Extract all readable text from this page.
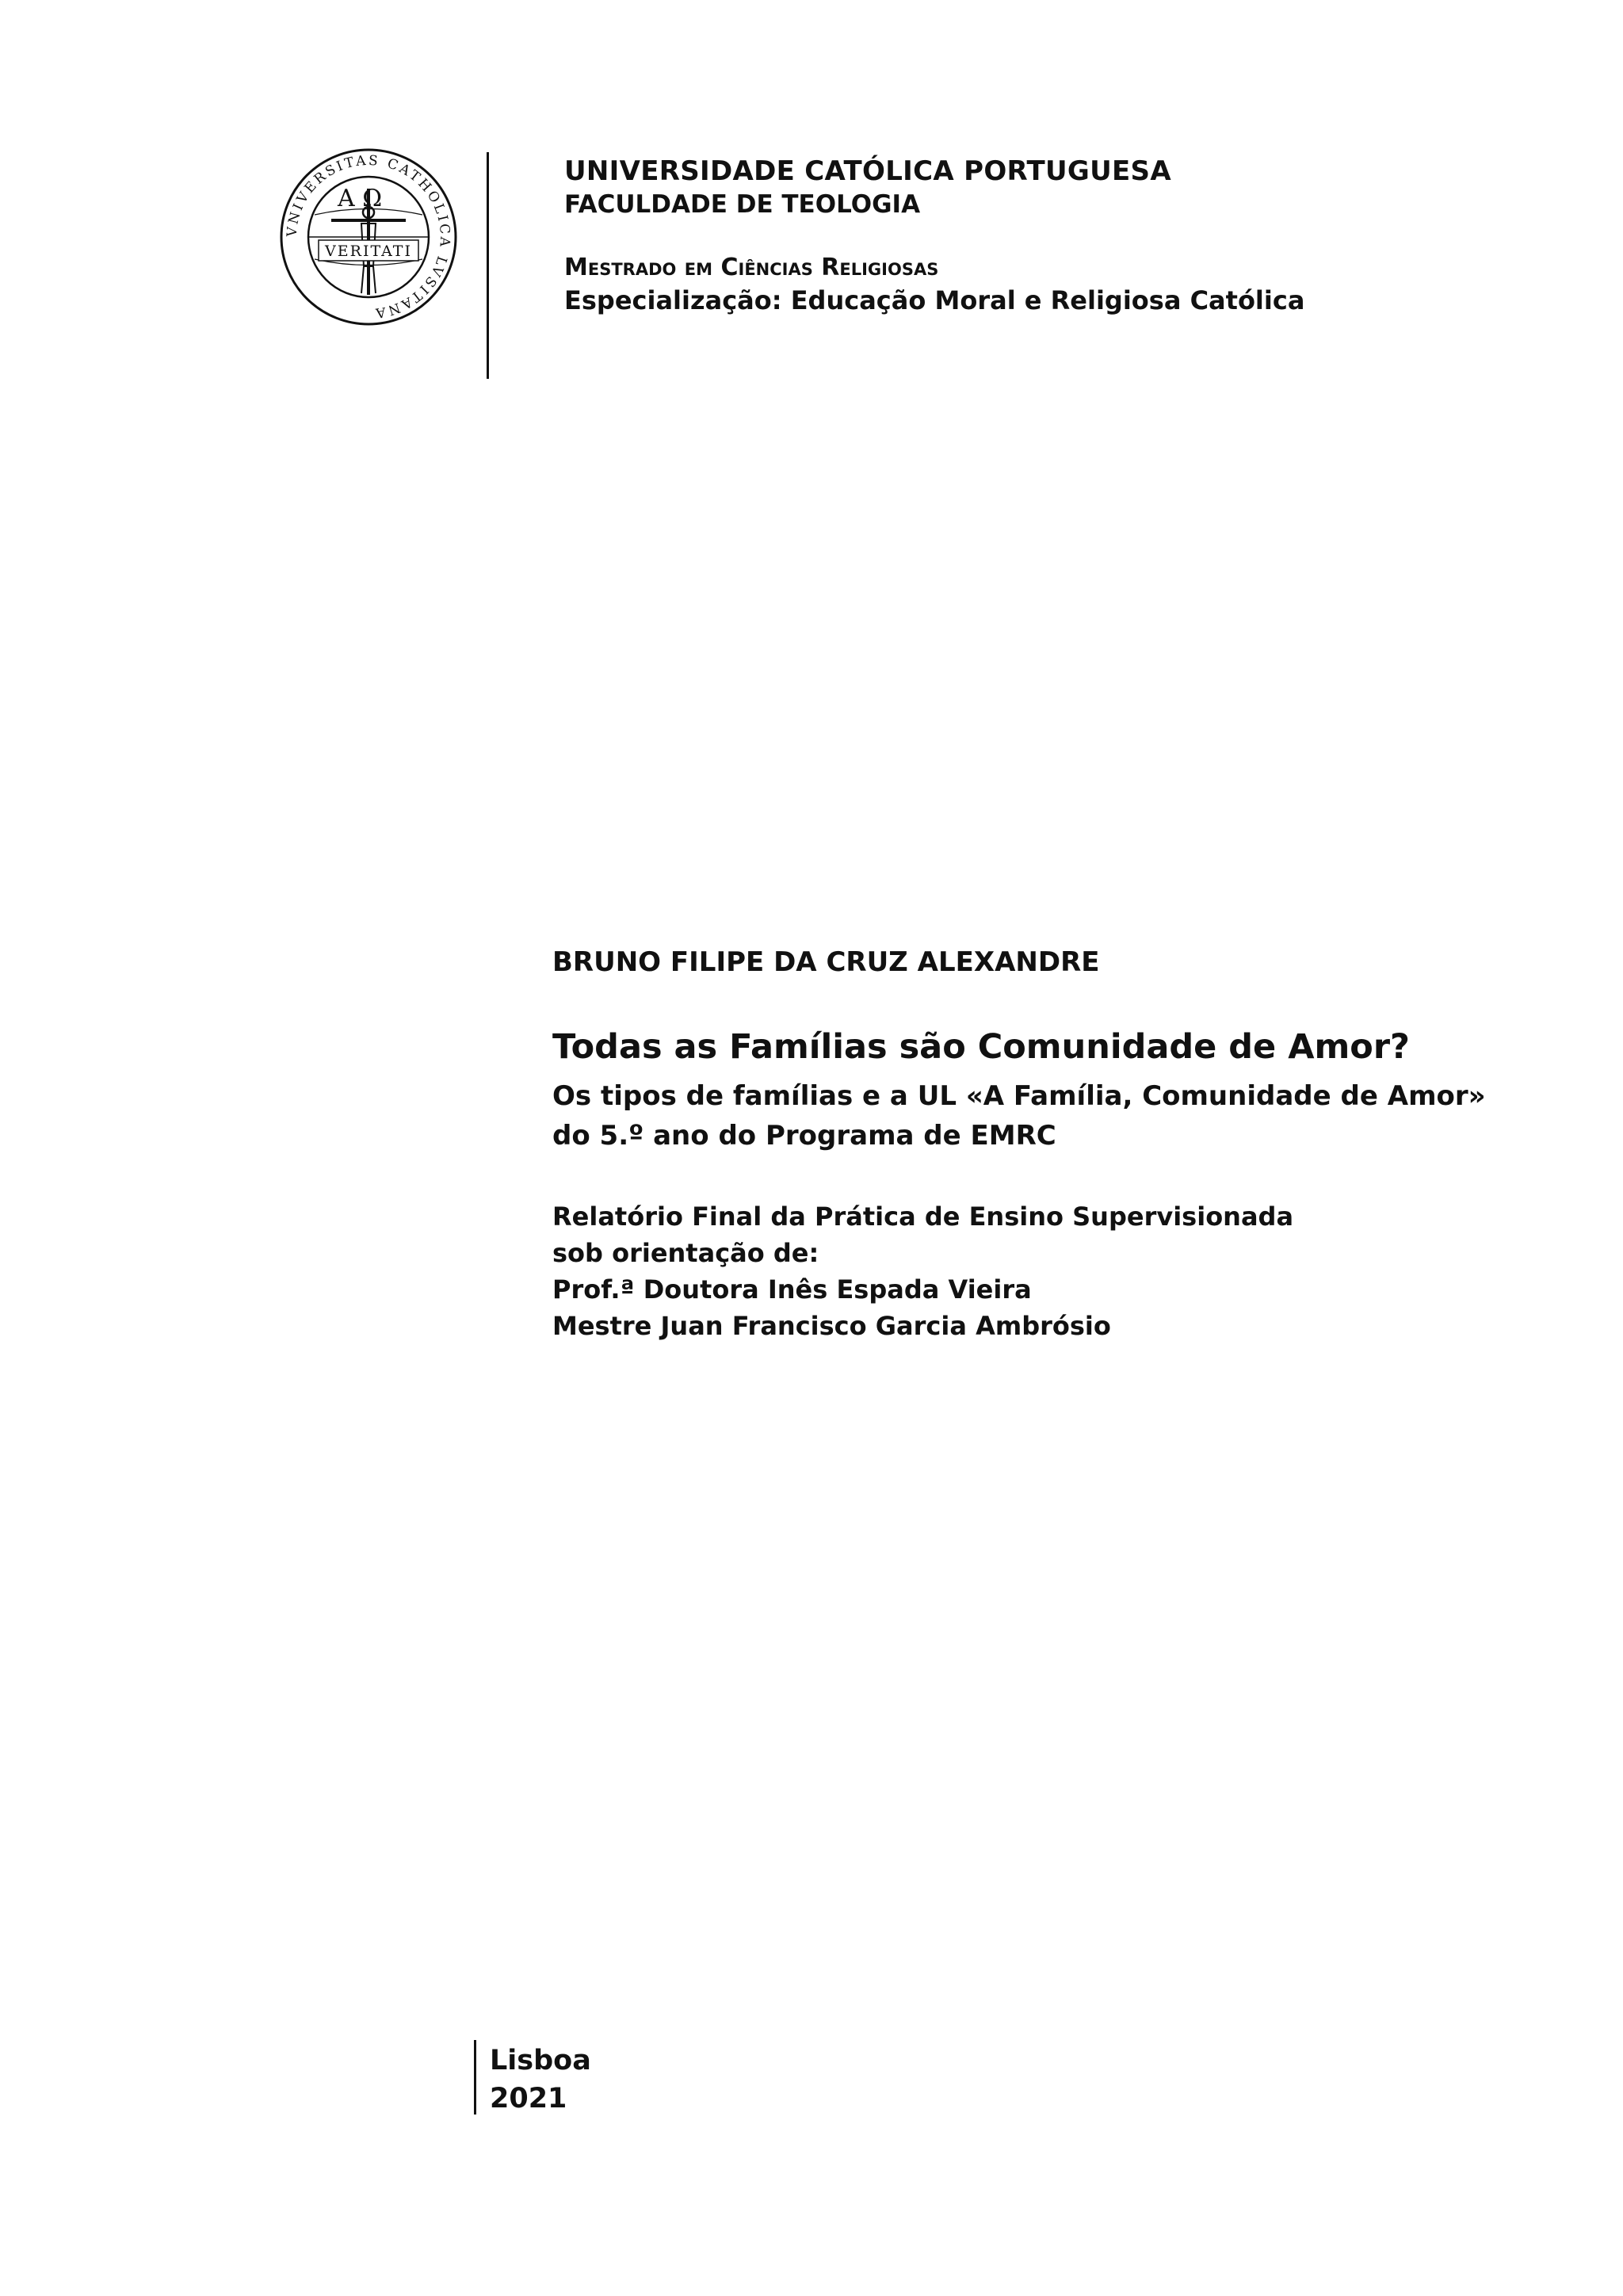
VNIVERSITAS CATHOLICA LVSITANA
Α Ω
VERITATI
UNIVERSIDADE CATÓLICA PORTUGUESA
FACULDADE DE TEOLOGIA
Mestrado em Ciências Religiosas
Especialização: Educação Moral e Religiosa Católica
BRUNO FILIPE DA CRUZ ALEXANDRE
Todas as Famílias são Comunidade de Amor?
Os tipos de famílias e a UL «A Família, Comunidade de Amor» do 5.º ano do Programa de EMRC
Relatório Final da Prática de Ensino Supervisionada
sob orientação de:
Prof.ª Doutora Inês Espada Vieira
Mestre Juan Francisco Garcia Ambrósio
Lisboa
2021
